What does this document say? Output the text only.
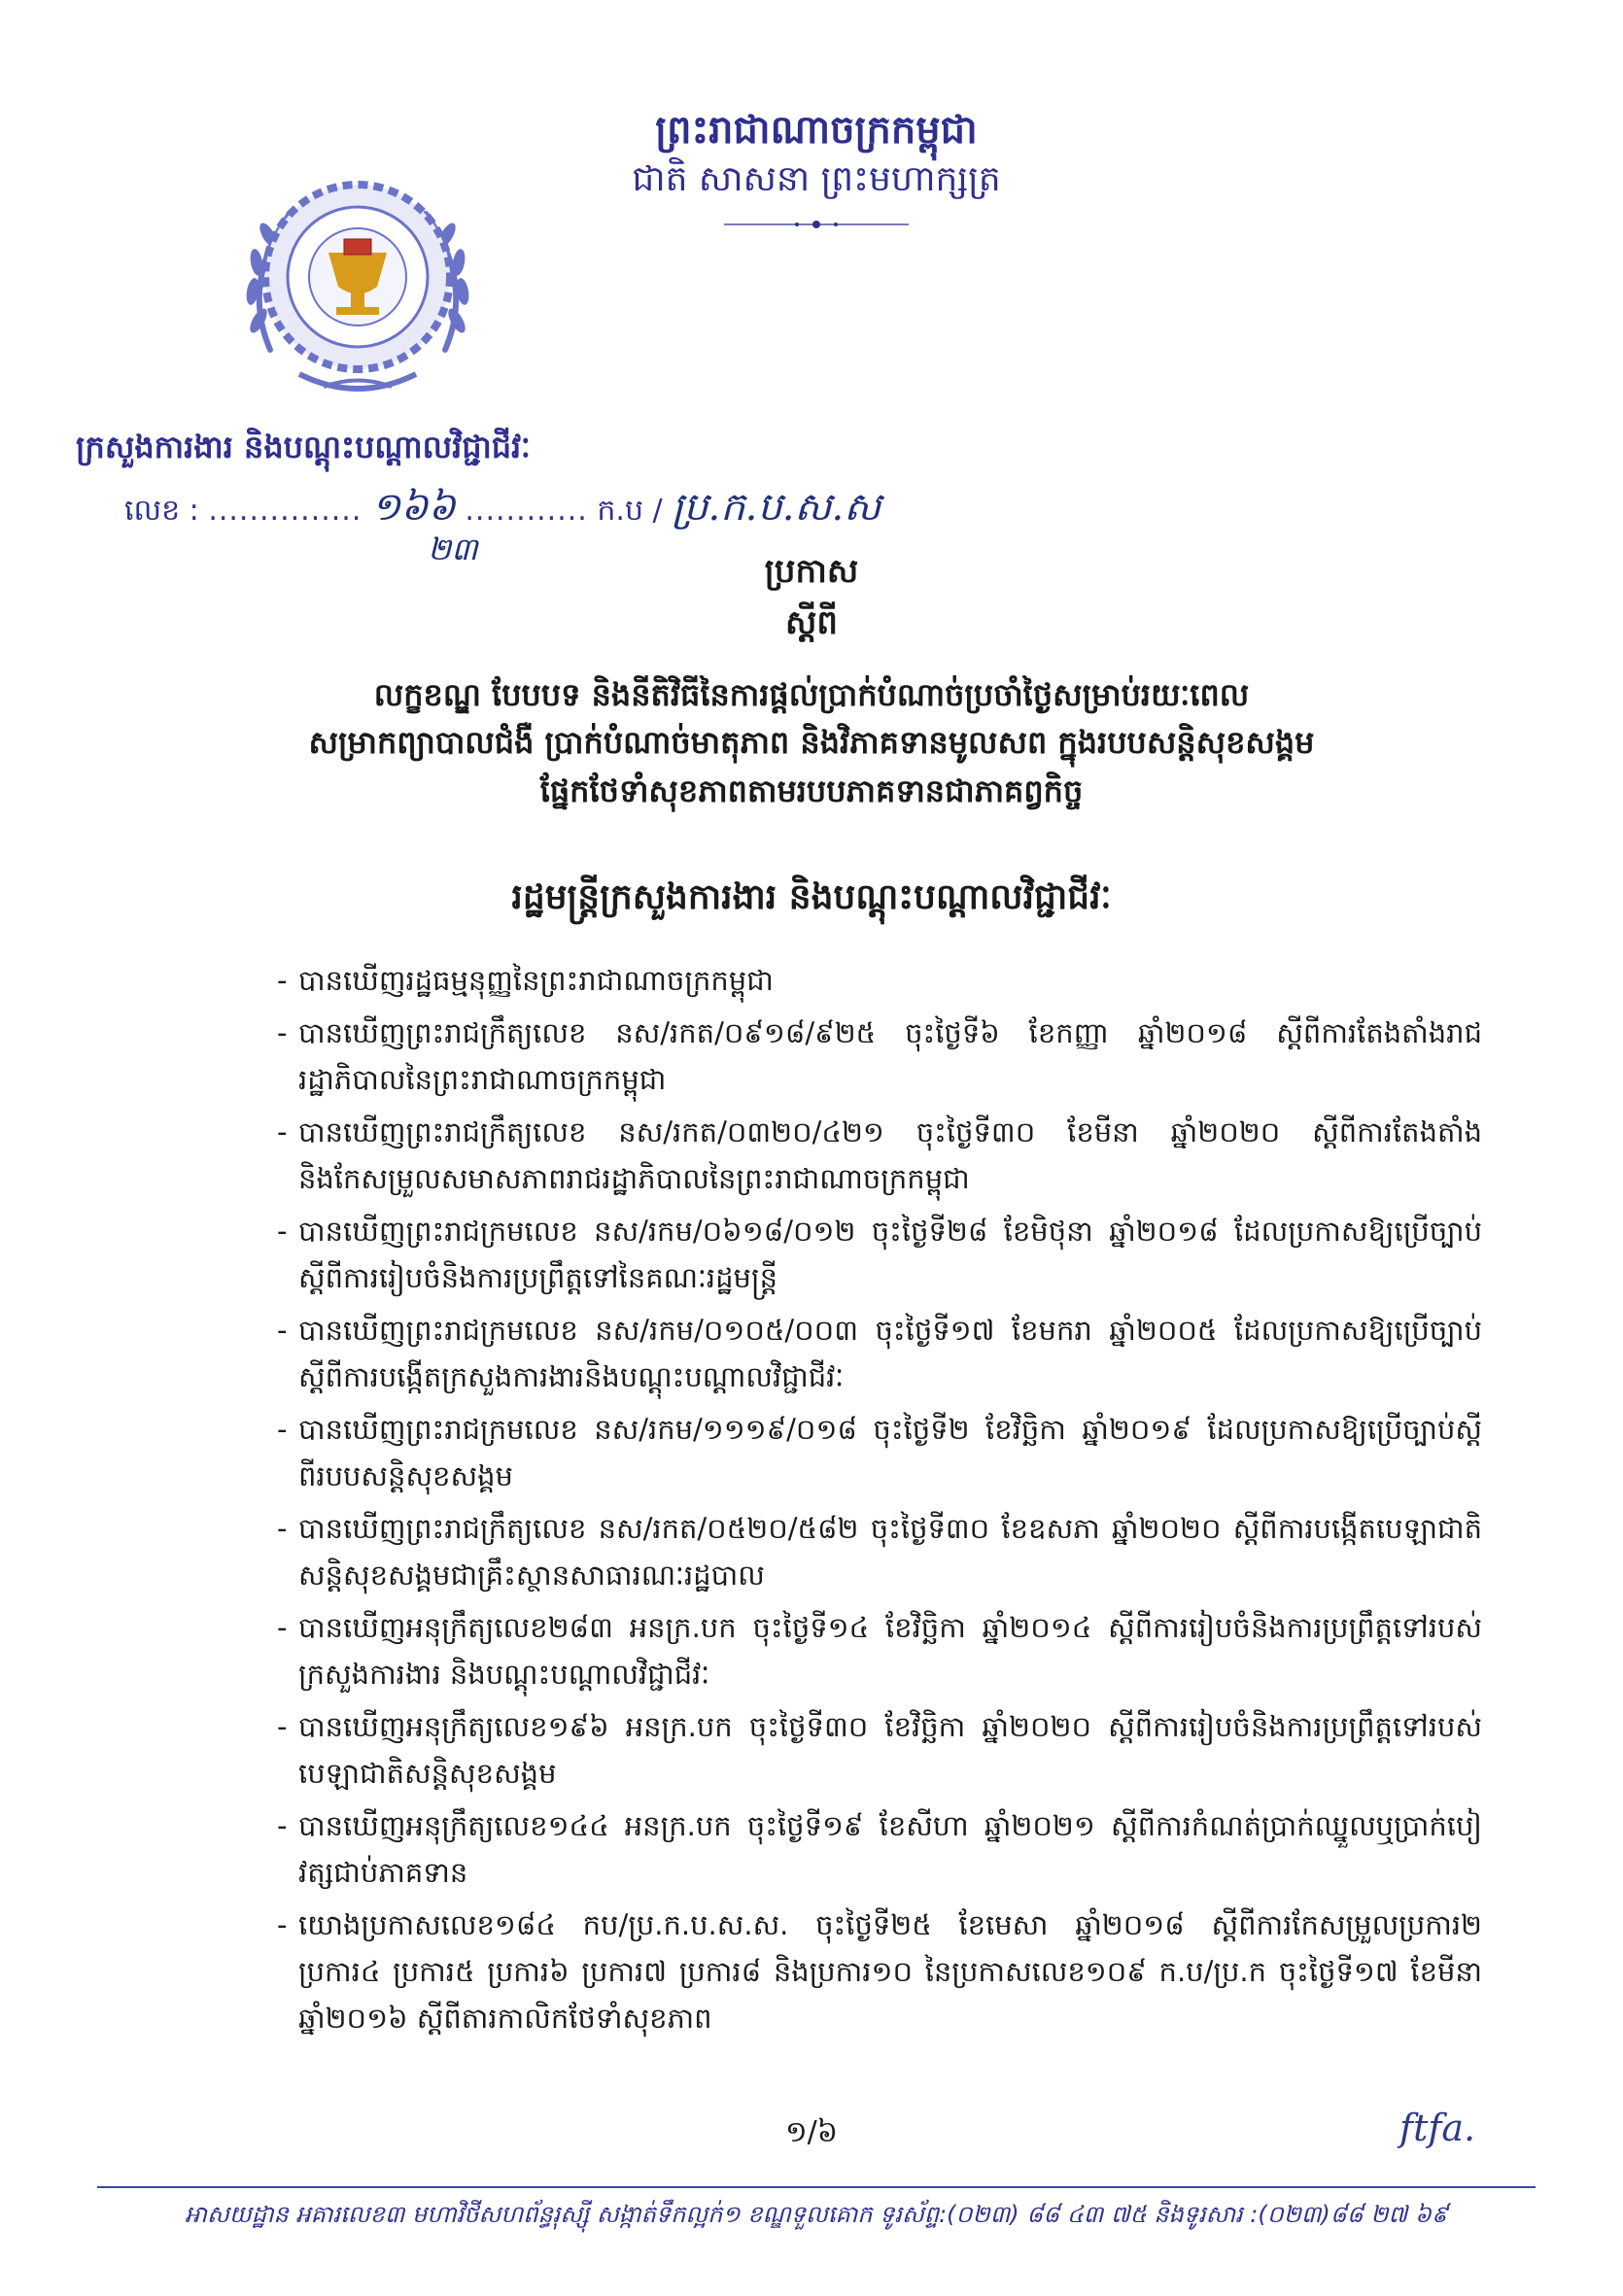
ព្រះរាជាណាចក្រកម្ពុជា
ជាតិ សាសនា ព្រះមហាក្សត្រ
ក្រសួងការងារ និងបណ្តុះបណ្តាលវិជ្ជាជីវៈ
លេខ : ............... ១៦៦ ............ ក.ប / ប្រ.ក.ប.ស.ស
២៣
ប្រកាស
ស្តីពី
លក្ខខណ្ឌ បែបបទ និងនីតិវិធីនៃការផ្តល់ប្រាក់បំណាច់ប្រចាំថ្ងៃសម្រាប់រយៈពេល
សម្រាកព្យាបាលជំងឺ ប្រាក់បំណាច់មាតុភាព និងវិភាគទានមូលសព ក្នុងរបបសន្តិសុខសង្គម
ផ្នែកថែទាំសុខភាពតាមរបបភាគទានជាភាគព្វកិច្ច
រដ្ឋមន្ត្រីក្រសួងការងារ និងបណ្តុះបណ្តាលវិជ្ជាជីវៈ
- បានឃើញរដ្ឋធម្មនុញ្ញនៃព្រះរាជាណាចក្រកម្ពុជា
- បានឃើញព្រះរាជក្រឹត្យលេខ នស/រកត/០៩១៨/៩២៥ ចុះថ្ងៃទី៦ ខែកញ្ញា ឆ្នាំ២០១៨ ស្តីពីការតែងតាំងរាជរដ្ឋាភិបាលនៃព្រះរាជាណាចក្រកម្ពុជា
- បានឃើញព្រះរាជក្រឹត្យលេខ នស/រកត/០៣២០/៤២១ ចុះថ្ងៃទី៣០ ខែមីនា ឆ្នាំ២០២០ ស្តីពីការតែងតាំងនិងកែសម្រួលសមាសភាពរាជរដ្ឋាភិបាលនៃព្រះរាជាណាចក្រកម្ពុជា
- បានឃើញព្រះរាជក្រមលេខ នស/រកម/០៦១៨/០១២ ចុះថ្ងៃទី២៨ ខែមិថុនា ឆ្នាំ២០១៨ ដែលប្រកាសឱ្យប្រើច្បាប់ស្តីពីការរៀបចំនិងការប្រព្រឹត្តទៅនៃគណៈរដ្ឋមន្ត្រី
- បានឃើញព្រះរាជក្រមលេខ នស/រកម/០១០៥/០០៣ ចុះថ្ងៃទី១៧ ខែមករា ឆ្នាំ២០០៥ ដែលប្រកាសឱ្យប្រើច្បាប់ស្តីពីការបង្កើតក្រសួងការងារនិងបណ្តុះបណ្តាលវិជ្ជាជីវៈ
- បានឃើញព្រះរាជក្រមលេខ នស/រកម/១១១៩/០១៨ ចុះថ្ងៃទី២ ខែវិច្ឆិកា ឆ្នាំ២០១៩ ដែលប្រកាសឱ្យប្រើច្បាប់ស្តីពីរបបសន្តិសុខសង្គម
- បានឃើញព្រះរាជក្រឹត្យលេខ នស/រកត/០៥២០/៥៨២ ចុះថ្ងៃទី៣០ ខែឧសភា ឆ្នាំ២០២០ ស្តីពីការបង្កើតបេឡាជាតិសន្តិសុខសង្គមជាគ្រឹះស្ថានសាធារណៈរដ្ឋបាល
- បានឃើញអនុក្រឹត្យលេខ២៨៣ អនក្រ.បក ចុះថ្ងៃទី១៤ ខែវិច្ឆិកា ឆ្នាំ២០១៤ ស្តីពីការរៀបចំនិងការប្រព្រឹត្តទៅរបស់ក្រសួងការងារ និងបណ្តុះបណ្តាលវិជ្ជាជីវៈ
- បានឃើញអនុក្រឹត្យលេខ១៩៦ អនក្រ.បក ចុះថ្ងៃទី៣០ ខែវិច្ឆិកា ឆ្នាំ២០២០ ស្តីពីការរៀបចំនិងការប្រព្រឹត្តទៅរបស់បេឡាជាតិសន្តិសុខសង្គម
- បានឃើញអនុក្រឹត្យលេខ១៤៤ អនក្រ.បក ចុះថ្ងៃទី១៩ ខែសីហា ឆ្នាំ២០២១ ស្តីពីការកំណត់ប្រាក់ឈ្នួលឬប្រាក់បៀវត្សជាប់ភាគទាន
- យោងប្រកាសលេខ១៨៤ កប/ប្រ.ក.ប.ស.ស. ចុះថ្ងៃទី២៥ ខែមេសា ឆ្នាំ២០១៨ ស្តីពីការកែសម្រួលប្រការ២ ប្រការ៤ ប្រការ៥ ប្រការ៦ ប្រការ៧ ប្រការ៨ និងប្រការ១០ នៃប្រកាសលេខ១០៩ ក.ប/ប្រ.ក ចុះថ្ងៃទី១៧ ខែមីនា ឆ្នាំ២០១៦ ស្តីពីតារកាលិកថែទាំសុខភាព
១/៦	ftfa.
អាសយដ្ឋាន អគារលេខ៣ មហាវិថីសហព័ន្ធរុស្ស៊ី សង្កាត់ទឹកល្អក់១ ខណ្ឌទួលគោក ទូរស័ព្ទ:(០២៣) ៨៨ ៤៣ ៧៥ និងទូរសារ :(០២៣)៨៨ ២៧ ៦៩
